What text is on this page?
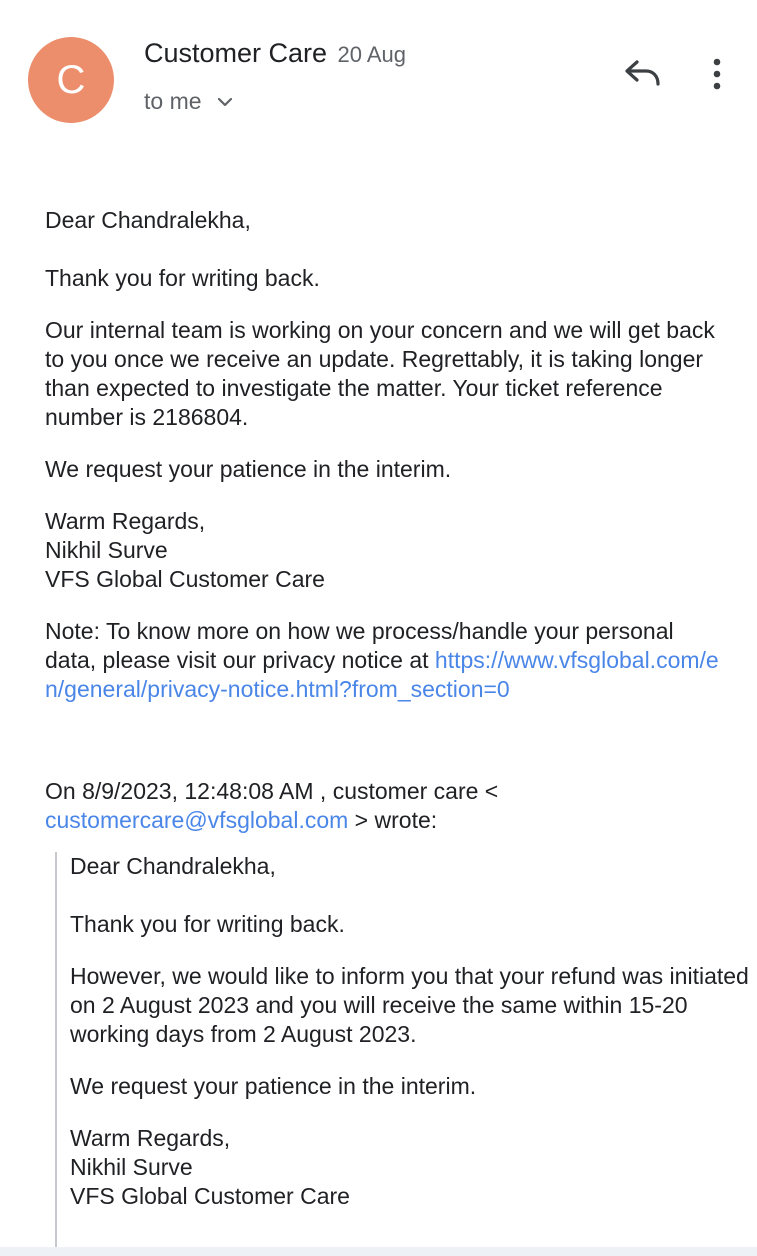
C
Customer Care 20 Aug
to me

Dear Chandralekha,

Thank you for writing back.

Our internal team is working on your concern and we will get back to you once we receive an update. Regrettably, it is taking longer than expected to investigate the matter. Your ticket reference number is 2186804.

We request your patience in the interim.

Warm Regards,

Nikhil Surve

VFS Global Customer Care

Note: To know more on how we process/handle your personal data, please visit our privacy notice at https://www.vfsglobal.com/en/general/privacy-notice.html?from_section=0

On 8/9/2023, 12:48:08 AM , customer care <
customercare@vfsglobal.com > wrote:

Dear Chandralekha,

Thank you for writing back.

However, we would like to inform you that your refund was initiated on 2 August 2023 and you will receive the same within 15-20 working days from 2 August 2023.

We request your patience in the interim.

Warm Regards,

Nikhil Surve

VFS Global Customer Care
